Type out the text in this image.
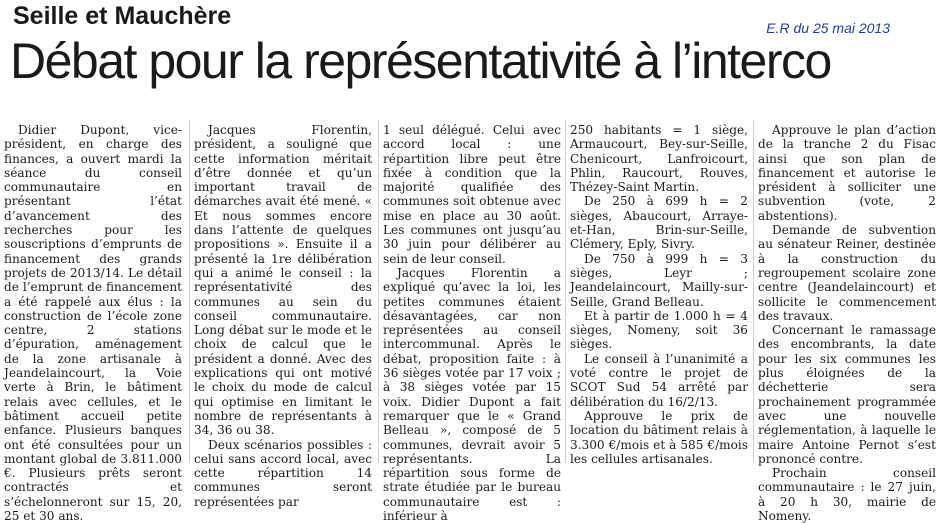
Seille et Mauchère	E.R du 25 mai 2013
Débat pour la représentativité à l’interco

Didier Dupont, vice-président, en charge des finances, a ouvert mardi la séance du conseil communautaire en présentant l’état d’avancement des recherches pour les souscriptions d’emprunts de financement des grands projets de 2013/14. Le détail de l’emprunt de financement a été rappelé aux élus : la construction de l’école zone centre, 2 stations d’épuration, aménagement de la zone artisanale à Jeandelaincourt, la Voie verte à Brin, le bâtiment relais avec cellules, et le bâtiment accueil petite enfance. Plusieurs banques ont été consultées pour un montant global de 3.811.000 €. Plusieurs prêts seront contractés et s’échelonneront sur 15, 20, 25 et 30 ans.

Jacques Florentin, président, a souligné que cette information méritait d’être donnée et qu’un important travail de démarches avait été mené. « Et nous sommes encore dans l’attente de quelques propositions ». Ensuite il a présenté la 1re délibération qui a animé le conseil : la représentativité des communes au sein du conseil communautaire. Long débat sur le mode et le choix de calcul que le président a donné. Avec des explications qui ont motivé le choix du mode de calcul qui optimise en limitant le nombre de représentants à 34, 36 ou 38.

Deux scénarios possibles : celui sans accord local, avec cette répartition 14 communes seront représentées par

1 seul délégué. Celui avec accord local : une répartition libre peut être fixée à condition que la majorité qualifiée des communes soit obtenue avec mise en place au 30 août. Les communes ont jusqu’au 30 juin pour délibérer au sein de leur conseil.

Jacques Florentin a expliqué qu’avec la loi, les petites communes étaient désavantagées, car non représentées au conseil intercommunal. Après le débat, proposition faite : à 36 sièges votée par 17 voix ; à 38 sièges votée par 15 voix. Didier Dupont a fait remarquer que le « Grand Belleau », composé de 5 communes, devrait avoir 5 représentants. La répartition sous forme de strate étudiée par le bureau communautaire est : inférieur à

250 habitants = 1 siège, Armaucourt, Bey-sur-Seille, Chenicourt, Lanfroicourt, Phlin, Raucourt, Rouves, Thézey-Saint Martin.

De 250 à 699 h = 2 sièges, Abaucourt, Arraye-et-Han, Brin-sur-Seille, Clémery, Eply, Sivry.

De 750 à 999 h = 3 sièges, Leyr ; Jeandelaincourt, Mailly-sur-Seille, Grand Belleau.

Et à partir de 1.000 h = 4 sièges, Nomeny, soit 36 sièges.

Le conseil à l’unanimité a voté contre le projet de SCOT Sud 54 arrêté par délibération du 16/2/13.

Approuve le prix de location du bâtiment relais à 3.300 €/mois et à 585 €/mois les cellules artisanales.

Approuve le plan d’action de la tranche 2 du Fisac ainsi que son plan de financement et autorise le président à solliciter une subvention (vote, 2 abstentions).

Demande de subvention au sénateur Reiner, destinée à la construction du regroupement scolaire zone centre (Jeandelaincourt) et sollicite le commencement des travaux.

Concernant le ramassage des encombrants, la date pour les six communes les plus éloignées de la déchetterie sera prochainement programmée avec une nouvelle réglementation, à laquelle le maire Antoine Pernot s’est prononcé contre.

Prochain conseil communautaire : le 27 juin, à 20 h 30, mairie de Nomeny.
